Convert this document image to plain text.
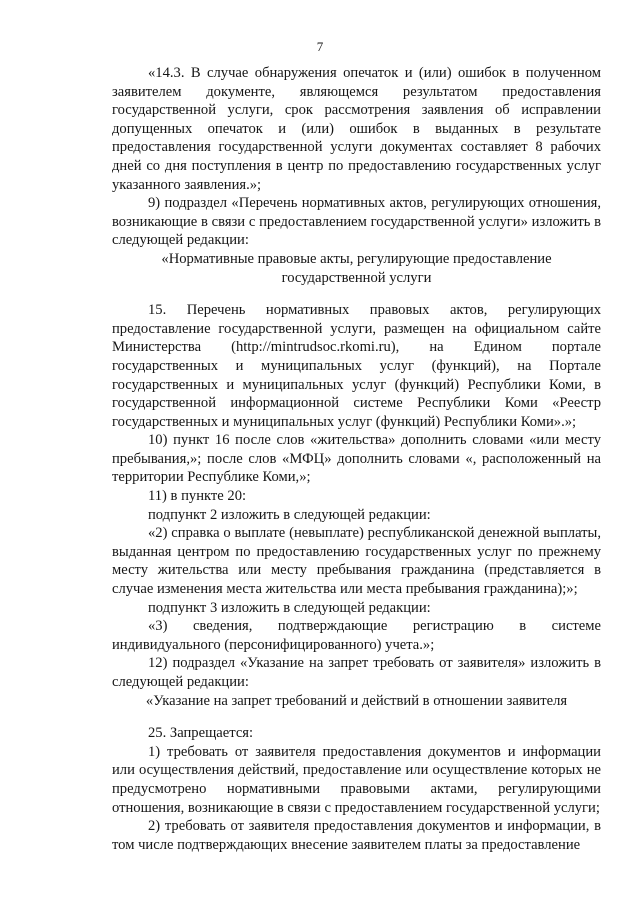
7

«14.3. В случае обнаружения опечаток и (или) ошибок в полученном заявителем документе, являющемся результатом предоставления государственной услуги, срок рассмотрения заявления об исправлении допущенных опечаток и (или) ошибок в выданных в результате предоставления государственной услуги документах составляет 8 рабочих дней со дня поступления в центр по предоставлению государственных услуг указанного заявления.»;

9) подраздел «Перечень нормативных актов, регулирующих отношения, возникающие в связи с предоставлением государственной услуги» изложить в следующей редакции:

«Нормативные правовые акты, регулирующие предоставление государственной услуги

15. Перечень нормативных правовых актов, регулирующих предоставление государственной услуги, размещен на официальном сайте Министерства (http://mintrudsoc.rkomi.ru), на Едином портале государственных и муниципальных услуг (функций), на Портале государственных и муниципальных услуг (функций) Республики Коми, в государственной информационной системе Республики Коми «Реестр государственных и муниципальных услуг (функций) Республики Коми».»;

10) пункт 16 после слов «жительства» дополнить словами «или месту пребывания,»; после слов «МФЦ» дополнить словами «, расположенный на территории Республике Коми,»;

11) в пункте 20:

подпункт 2 изложить в следующей редакции:

«2) справка о выплате (невыплате) республиканской денежной выплаты, выданная центром по предоставлению государственных услуг по прежнему месту жительства или месту пребывания гражданина (представляется в случае изменения места жительства или места пребывания гражданина);»;

подпункт 3 изложить в следующей редакции:

«3) сведения, подтверждающие регистрацию в системе индивидуального (персонифицированного) учета.»;

12) подраздел «Указание на запрет требовать от заявителя» изложить в следующей редакции:

«Указание на запрет требований и действий в отношении заявителя

25. Запрещается:

1) требовать от заявителя предоставления документов и информации или осуществления действий, предоставление или осуществление которых не предусмотрено нормативными правовыми актами, регулирующими отношения, возникающие в связи с предоставлением государственной услуги;

2) требовать от заявителя предоставления документов и информации, в том числе подтверждающих внесение заявителем платы за предоставление
